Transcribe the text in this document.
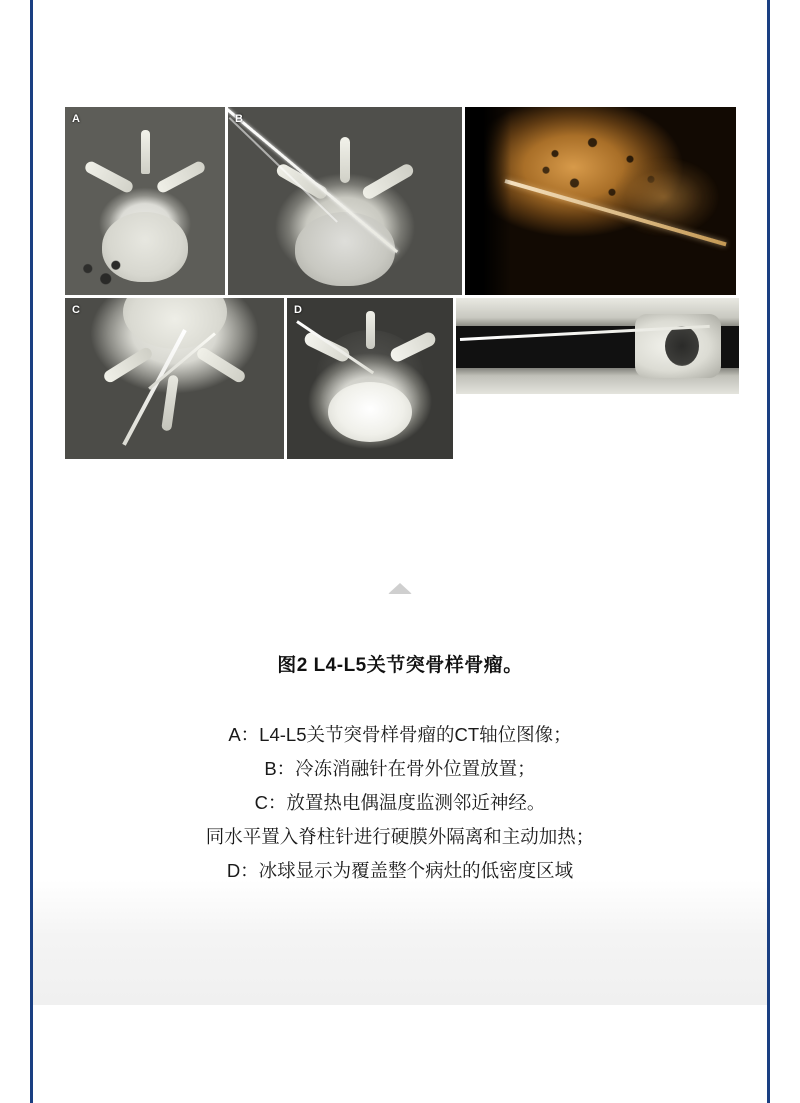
A	B
C	D
图2 L4-L5关节突骨样骨瘤。
A：L4-L5关节突骨样骨瘤的CT轴位图像；
B：冷冻消融针在骨外位置放置；
C：放置热电偶温度监测邻近神经。
同水平置入脊柱针进行硬膜外隔离和主动加热；
D：冰球显示为覆盖整个病灶的低密度区域
